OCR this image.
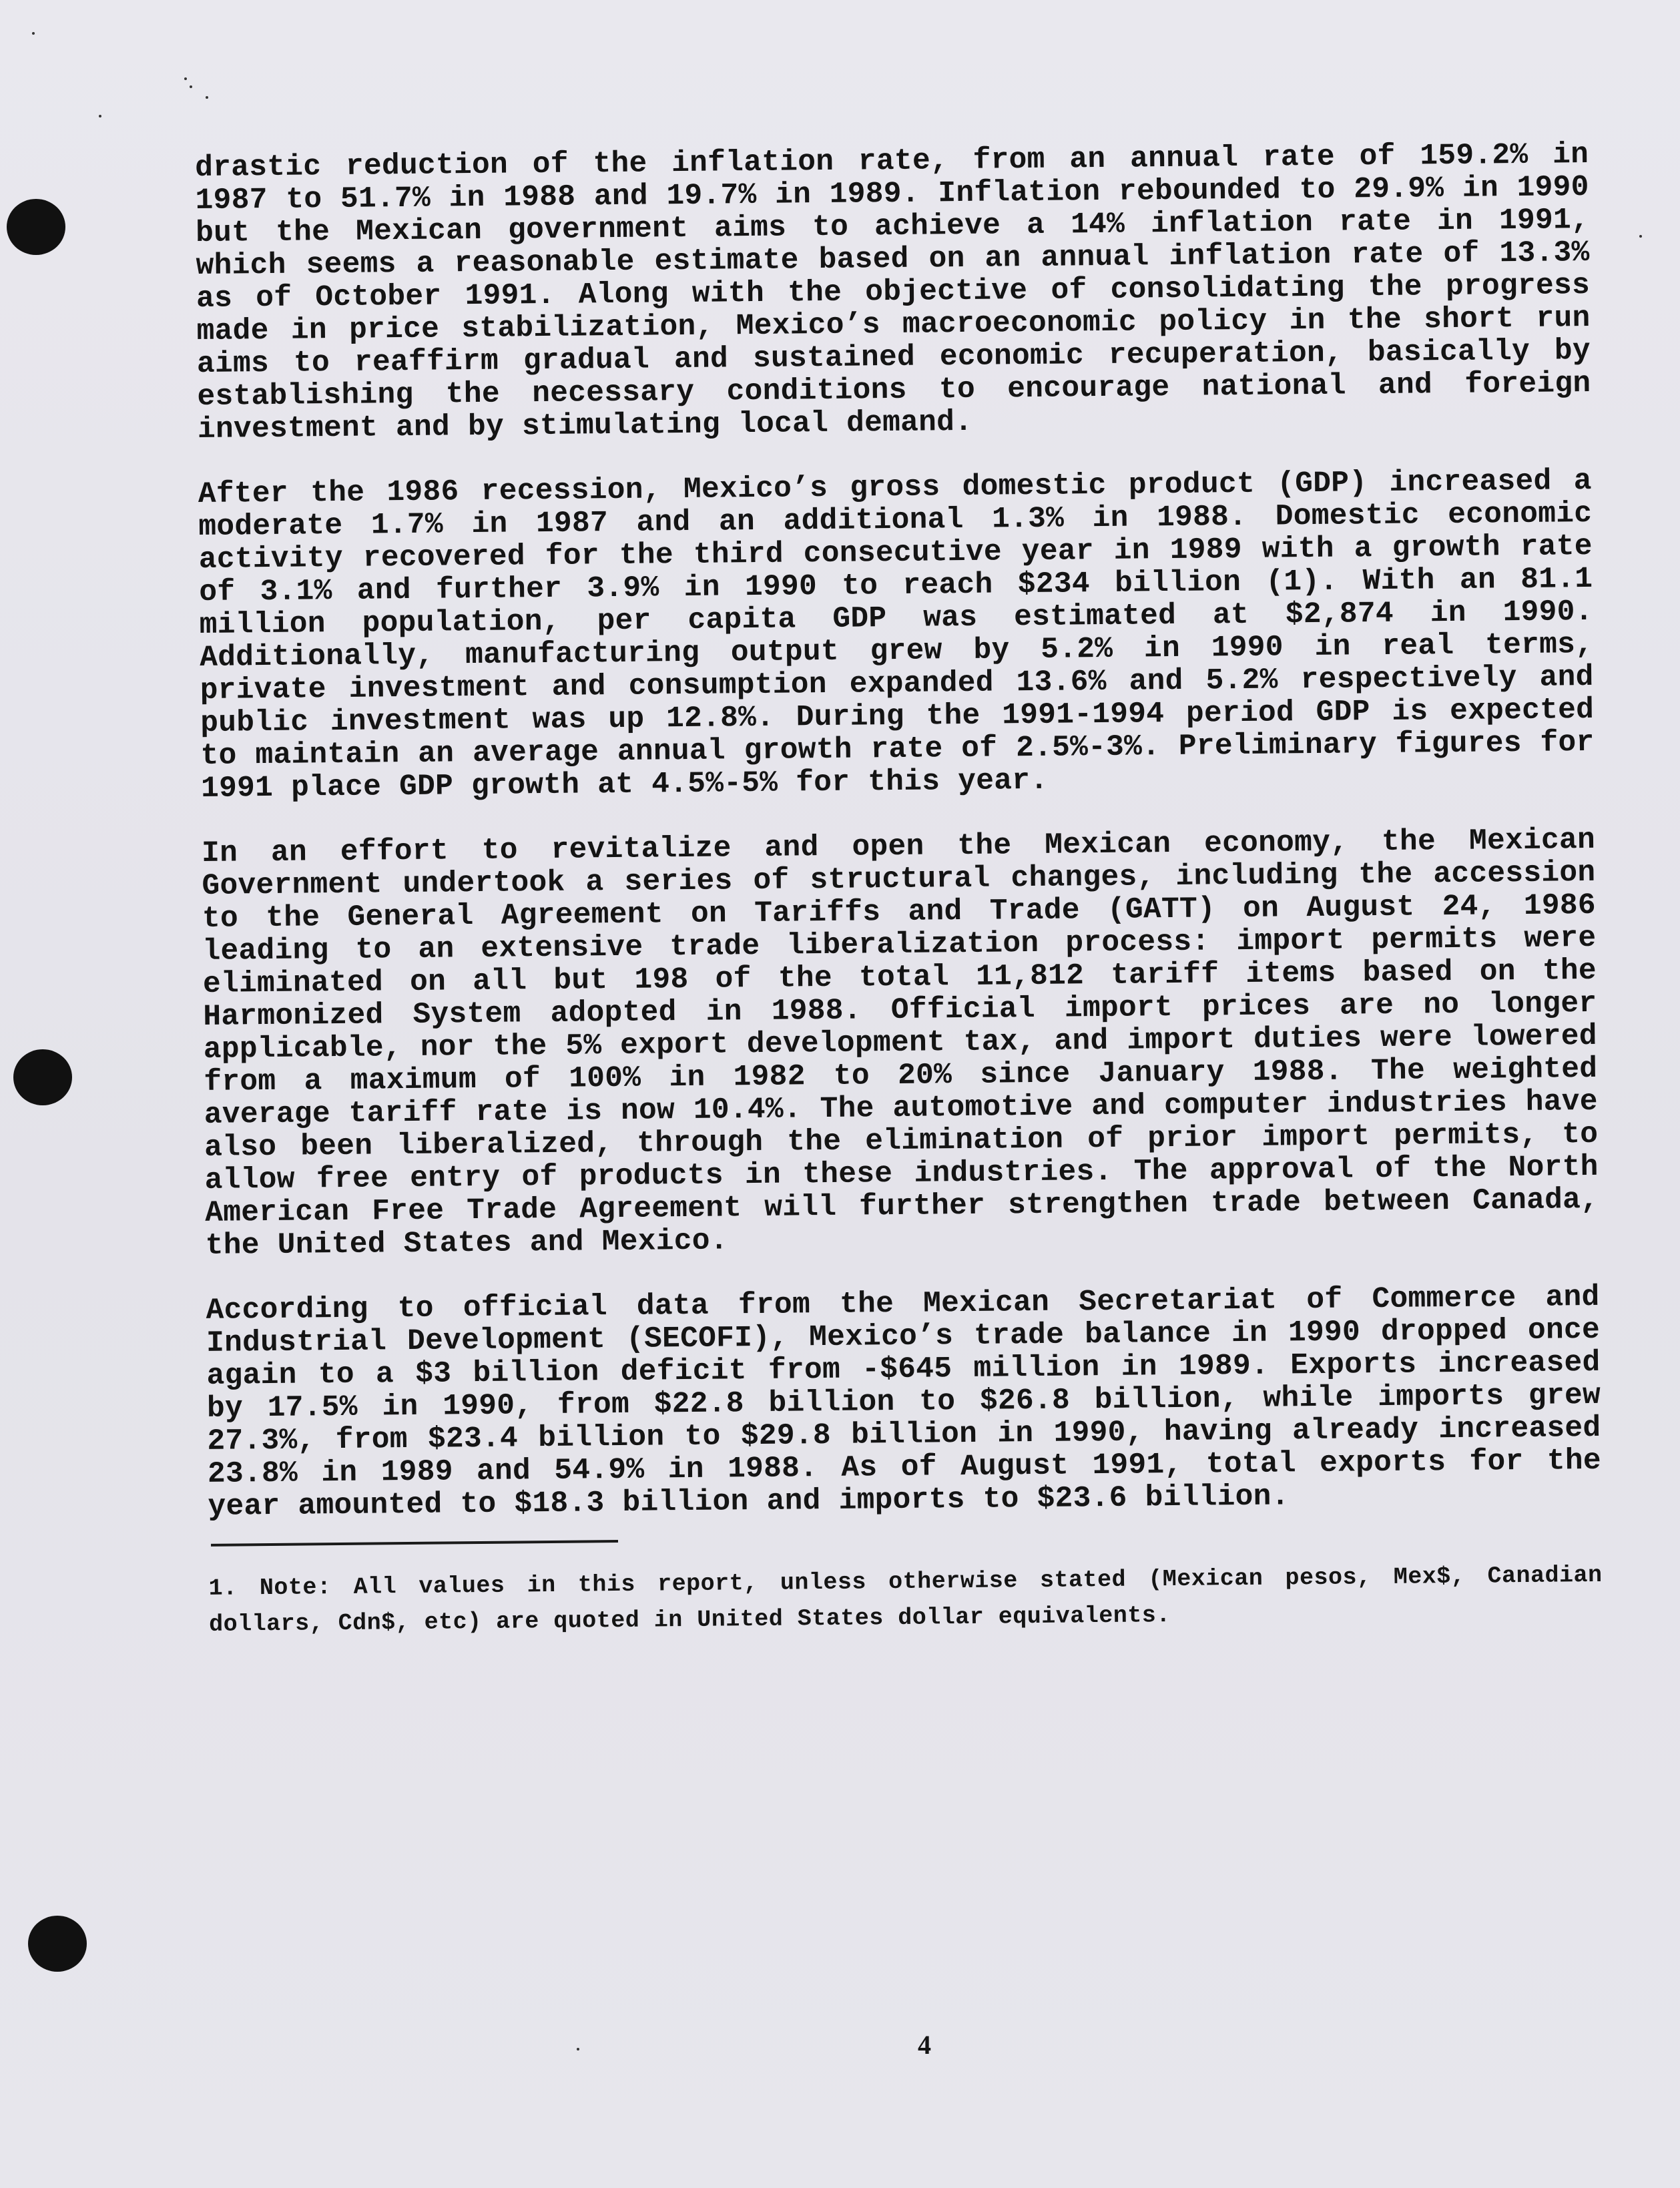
drastic reduction of the inflation rate, from an annual rate of 159.2% in 1987 to 51.7% in 1988 and 19.7% in 1989. Inflation rebounded to 29.9% in 1990 but the Mexican government aims to achieve a 14% inflation rate in 1991, which seems a reasonable estimate based on an annual inflation rate of 13.3% as of October 1991. Along with the objective of consolidating the progress made in price stabilization, Mexico’s macroeconomic policy in the short run aims to reaffirm gradual and sustained economic recuperation, basically by establishing the necessary conditions to encourage national and foreign investment and by stimulating local demand.

After the 1986 recession, Mexico’s gross domestic product (GDP) increased a moderate 1.7% in 1987 and an additional 1.3% in 1988. Domestic economic activity recovered for the third consecutive year in 1989 with a growth rate of 3.1% and further 3.9% in 1990 to reach $234 billion (1). With an 81.1 million population, per capita GDP was estimated at $2,874 in 1990. Additionally, manufacturing output grew by 5.2% in 1990 in real terms, private investment and consumption expanded 13.6% and 5.2% respectively and public investment was up 12.8%. During the 1991-1994 period GDP is expected to maintain an average annual growth rate of 2.5%-3%. Preliminary figures for 1991 place GDP growth at 4.5%-5% for this year.

In an effort to revitalize and open the Mexican economy, the Mexican Government undertook a series of structural changes, including the accession to the General Agreement on Tariffs and Trade (GATT) on August 24, 1986 leading to an extensive trade liberalization process: import permits were eliminated on all but 198 of the total 11,812 tariff items based on the Harmonized System adopted in 1988. Official import prices are no longer applicable, nor the 5% export development tax, and import duties were lowered from a maximum of 100% in 1982 to 20% since January 1988. The weighted average tariff rate is now 10.4%. The automotive and computer industries have also been liberalized, through the elimination of prior import permits, to allow free entry of products in these industries. The approval of the North American Free Trade Agreement will further strengthen trade between Canada, the United States and Mexico.

According to official data from the Mexican Secretariat of Commerce and Industrial Development (SECOFI), Mexico’s trade balance in 1990 dropped once again to a $3 billion deficit from -$645 million in 1989. Exports increased by 17.5% in 1990, from $22.8 billion to $26.8 billion, while imports grew 27.3%, from $23.4 billion to $29.8 billion in 1990, having already increased 23.8% in 1989 and 54.9% in 1988. As of August 1991, total exports for the year amounted to $18.3 billion and imports to $23.6 billion.

1. Note: All values in this report, unless otherwise stated (Mexican pesos, Mex$, Canadian dollars, Cdn$, etc) are quoted in United States dollar equivalents.

4
